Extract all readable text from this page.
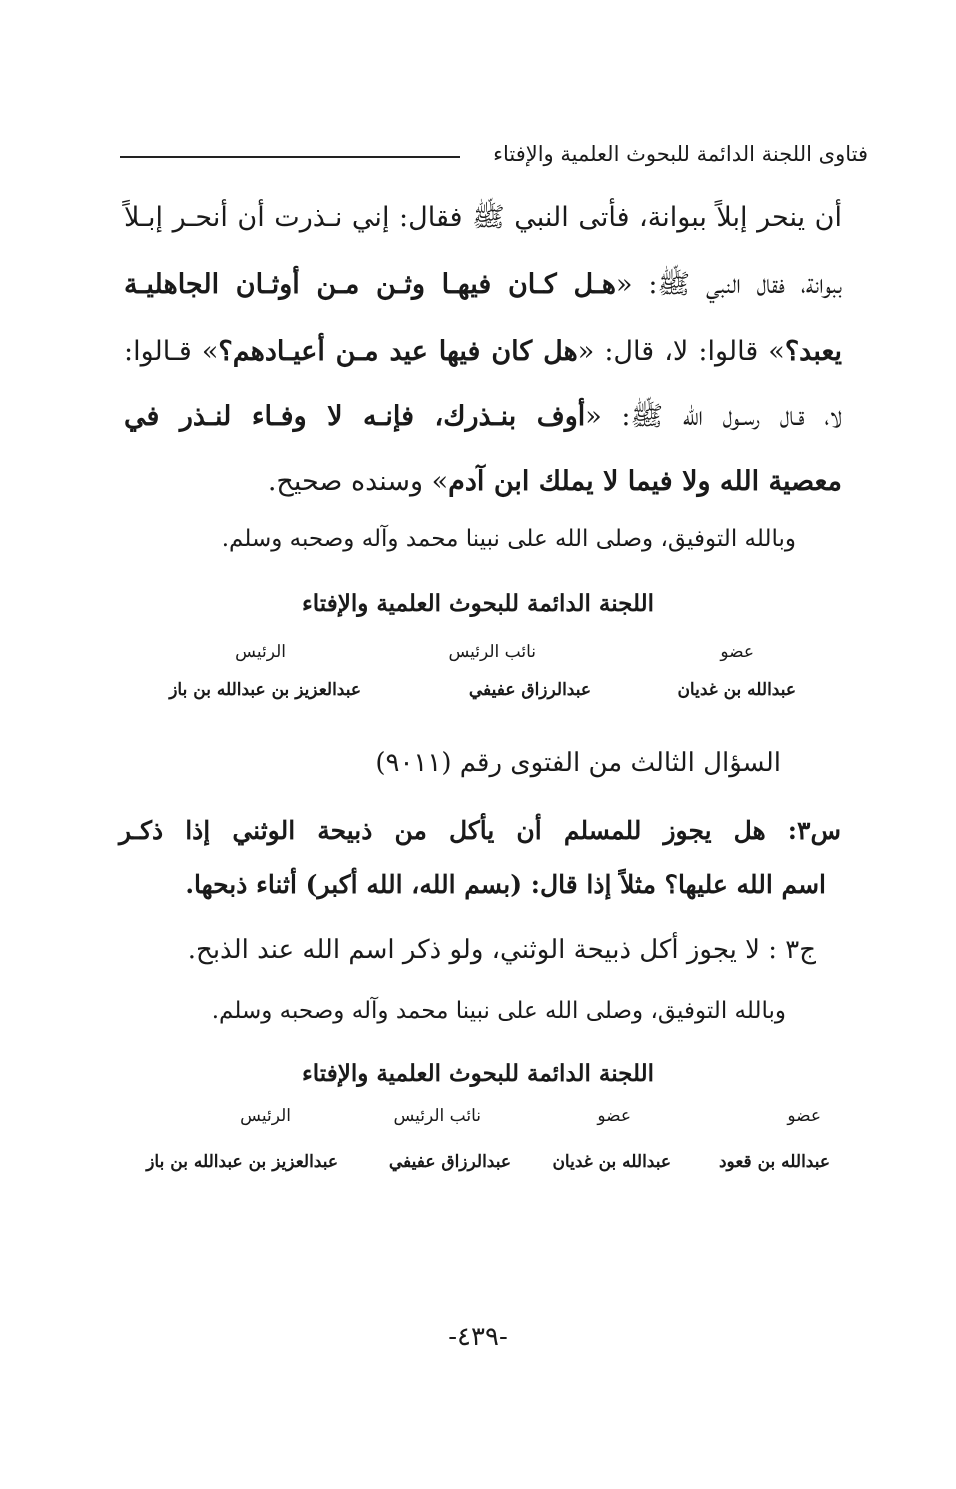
فتاوى اللجنة الدائمة للبحوث العلمية والإفتاء
أن ينحر إبلاً ببوانة، فأتى النبي ﷺ فقال: إني نـذرت أن أنحـر إبـلاً
ببوانة، فقال النبي ﷺ: «هـل كـان فيهـا وثـن مـن أوثـان الجاهليـة
يعبد؟» قالوا: لا، قال: «هل كان فيها عيد مـن أعيـادهم؟» قـالوا:
لا، قـال رسـول الله ﷺ: «أوف بنـذرك، فإنـه لا وفـاء لنـذر في
معصية الله ولا فيما لا يملك ابن آدم» وسنده صحيح.
وبالله التوفيق، وصلى الله على نبينا محمد وآله وصحبه وسلم.
اللجنة الدائمة للبحوث العلمية والإفتاء
عضو
نائب الرئيس
الرئيس
عبدالله بن غديان
عبدالرزاق عفيفي
عبدالعزيز بن عبدالله بن باز
السؤال الثالث من الفتوى رقم (٩٠١١)
س٣: هل يجوز للمسلم أن يأكل من ذبيحة الوثني إذا ذكـر
اسم الله عليها؟ مثلاً إذا قال: (بسم الله، الله أكبر) أثناء ذبحها.
ج٣ : لا يجوز أكل ذبيحة الوثني، ولو ذكر اسم الله عند الذبح.
وبالله التوفيق، وصلى الله على نبينا محمد وآله وصحبه وسلم.
اللجنة الدائمة للبحوث العلمية والإفتاء
عضو
عضو
نائب الرئيس
الرئيس
عبدالله بن قعود
عبدالله بن غديان
عبدالرزاق عفيفي
عبدالعزيز بن عبدالله بن باز
-٤٣٩-
